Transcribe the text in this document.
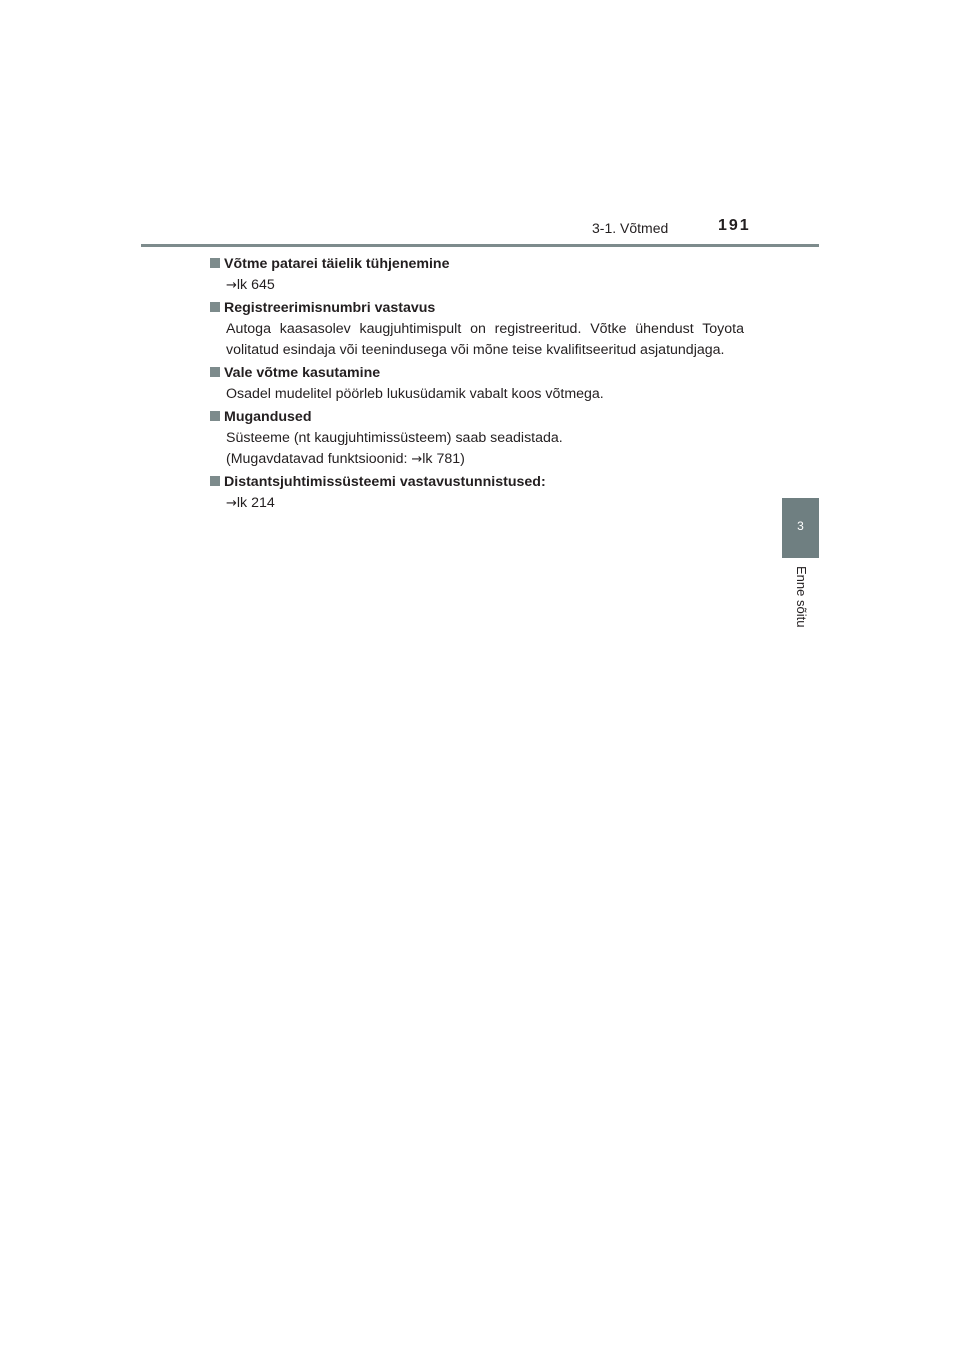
3-1. Võtmed	191
3
Enne sõitu
Võtme patarei täielik tühjenemine
→lk 645
Registreerimisnumbri vastavus
Autoga kaasasolev kaugjuhtimispult on registreeritud. Võtke ühendust Toyota volitatud esindaja või teenindusega või mõne teise kvalifitseeritud asjatundjaga.
Vale võtme kasutamine
Osadel mudelitel pöörleb lukusüdamik vabalt koos võtmega.
Mugandused
Süsteeme (nt kaugjuhtimissüsteem) saab seadistada.
(Mugavdatavad funktsioonid: →lk 781)
Distantsjuhtimissüsteemi vastavustunnistused:
→lk 214
